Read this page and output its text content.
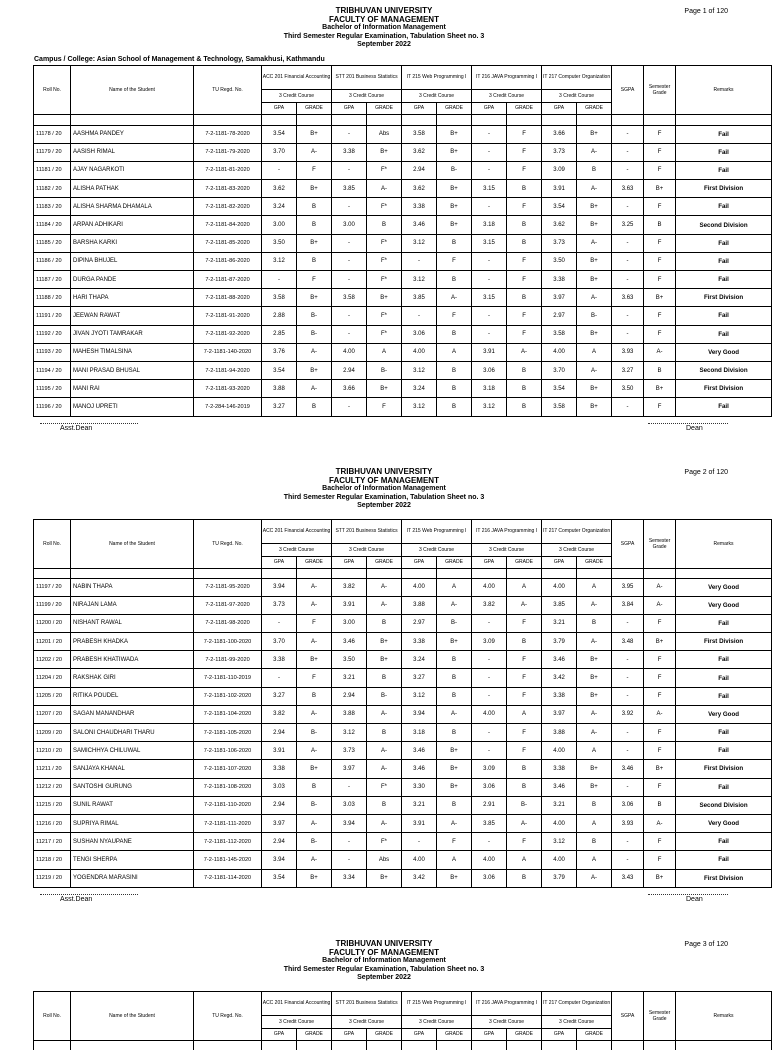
Page 1 of 120
TRIBHUVAN UNIVERSITY
FACULTY OF MANAGEMENT
Bachelor of Information Management
Third Semester Regular Examination, Tabulation Sheet no. 3
September 2022
Campus / College: Asian School of Management & Technology, Samakhusi, Kathmandu
Roll No.	Name of the Student	TU Regd. No.	ACC 201 Financial Accounting		STT 201 Business Statistics		IT 215 Web Programming I		IT 216 JAVA Programming I		IT 217 Computer Organization		SGPA	Semester Grade	Remarks
			3 Credit Course		3 Credit Course		3 Credit Course		3 Credit Course		3 Credit Course				
			GPA	GRADE	GPA	GRADE	GPA	GRADE	GPA	GRADE	GPA	GRADE			

11178 / 20	AASHMA PANDEY	7-2-1181-78-2020	3.54	B+	-	Abs	3.58	B+	-	F	3.66	B+	-	F	Fail
11179 / 20	AASISH RIMAL	7-2-1181-79-2020	3.70	A-	3.38	B+	3.62	B+	-	F	3.73	A-	-	F	Fail
11181 / 20	AJAY NAGARKOTI	7-2-1181-81-2020	-	F	-	F*	2.94	B-	-	F	3.09	B	-	F	Fail
11182 / 20	ALISHA PATHAK	7-2-1181-83-2020	3.62	B+	3.85	A-	3.62	B+	3.15	B	3.91	A-	3.63	B+	First Division
11183 / 20	ALISHA SHARMA DHAMALA	7-2-1181-82-2020	3.24	B	-	F*	3.38	B+	-	F	3.54	B+	-	F	Fail
11184 / 20	ARPAN ADHIKARI	7-2-1181-84-2020	3.00	B	3.00	B	3.46	B+	3.18	B	3.62	B+	3.25	B	Second Division
11185 / 20	BARSHA KARKI	7-2-1181-85-2020	3.50	B+	-	F*	3.12	B	3.15	B	3.73	A-	-	F	Fail
11186 / 20	DIPINA BHUJEL	7-2-1181-86-2020	3.12	B	-	F*	-	F	-	F	3.50	B+	-	F	Fail
11187 / 20	DURGA PANDE	7-2-1181-87-2020	-	F	-	F*	3.12	B	-	F	3.38	B+	-	F	Fail
11188 / 20	HARI THAPA	7-2-1181-88-2020	3.58	B+	3.58	B+	3.85	A-	3.15	B	3.97	A-	3.63	B+	First Division
11191 / 20	JEEWAN RAWAT	7-2-1181-91-2020	2.88	B-	-	F*	-	F	-	F	2.97	B-	-	F	Fail
11192 / 20	JIVAN JYOTI TAMRAKAR	7-2-1181-92-2020	2.85	B-	-	F*	3.06	B	-	F	3.58	B+	-	F	Fail
11193 / 20	MAHESH TIMALSINA	7-2-1181-140-2020	3.76	A-	4.00	A	4.00	A	3.91	A-	4.00	A	3.93	A-	Very Good
11194 / 20	MANI PRASAD BHUSAL	7-2-1181-94-2020	3.54	B+	2.94	B-	3.12	B	3.06	B	3.70	A-	3.27	B	Second Division
11195 / 20	MANI RAI	7-2-1181-93-2020	3.88	A-	3.66	B+	3.24	B	3.18	B	3.54	B+	3.50	B+	First Division
11196 / 20	MANOJ UPRETI	7-2-284-146-2019	3.27	B	-	F	3.12	B	3.12	B	3.58	B+	-	F	Fail
Asst.Dean	Dean
Page 2 of 120
TRIBHUVAN UNIVERSITY
FACULTY OF MANAGEMENT
Bachelor of Information Management
Third Semester Regular Examination, Tabulation Sheet no. 3
September 2022
Roll No.	Name of the Student	TU Regd. No.	ACC 201 Financial Accounting		STT 201 Business Statistics		IT 215 Web Programming I		IT 216 JAVA Programming I		IT 217 Computer Organization		SGPA	Semester Grade	Remarks
			3 Credit Course		3 Credit Course		3 Credit Course		3 Credit Course		3 Credit Course				
			GPA	GRADE	GPA	GRADE	GPA	GRADE	GPA	GRADE	GPA	GRADE			

11197 / 20	NABIN THAPA	7-2-1181-95-2020	3.94	A-	3.82	A-	4.00	A	4.00	A	4.00	A	3.95	A-	Very Good
11199 / 20	NIRAJAN LAMA	7-2-1181-97-2020	3.73	A-	3.91	A-	3.88	A-	3.82	A-	3.85	A-	3.84	A-	Very Good
11200 / 20	NISHANT RAWAL	7-2-1181-98-2020	-	F	3.00	B	2.97	B-	-	F	3.21	B	-	F	Fail
11201 / 20	PRABESH KHADKA	7-2-1181-100-2020	3.70	A-	3.46	B+	3.38	B+	3.09	B	3.79	A-	3.48	B+	First Division
11202 / 20	PRABESH KHATIWADA	7-2-1181-99-2020	3.38	B+	3.50	B+	3.24	B	-	F	3.46	B+	-	F	Fail
11204 / 20	RAKSHAK GIRI	7-2-1181-110-2019	-	F	3.21	B	3.27	B	-	F	3.42	B+	-	F	Fail
11205 / 20	RITIKA POUDEL	7-2-1181-102-2020	3.27	B	2.94	B-	3.12	B	-	F	3.38	B+	-	F	Fail
11207 / 20	SAGAN MANANDHAR	7-2-1181-104-2020	3.82	A-	3.88	A-	3.94	A-	4.00	A	3.97	A-	3.92	A-	Very Good
11209 / 20	SALONI CHAUDHARI THARU	7-2-1181-105-2020	2.94	B-	3.12	B	3.18	B	-	F	3.88	A-	-	F	Fail
11210 / 20	SAMICHHYA CHILUWAL	7-2-1181-106-2020	3.91	A-	3.73	A-	3.46	B+	-	F	4.00	A	-	F	Fail
11211 / 20	SANJAYA KHANAL	7-2-1181-107-2020	3.38	B+	3.97	A-	3.46	B+	3.09	B	3.38	B+	3.46	B+	First Division
11212 / 20	SANTOSHI GURUNG	7-2-1181-108-2020	3.03	B	-	F*	3.30	B+	3.06	B	3.46	B+	-	F	Fail
11215 / 20	SUNIL RAWAT	7-2-1181-110-2020	2.94	B-	3.03	B	3.21	B	2.91	B-	3.21	B	3.06	B	Second Division
11216 / 20	SUPRIYA RIMAL	7-2-1181-111-2020	3.97	A-	3.94	A-	3.91	A-	3.85	A-	4.00	A	3.93	A-	Very Good
11217 / 20	SUSHAN NYAUPANE	7-2-1181-112-2020	2.94	B-	-	F*	-	F	-	F	3.12	B	-	F	Fail
11218 / 20	TENGI SHERPA	7-2-1181-145-2020	3.94	A-	-	Abs	4.00	A	4.00	A	4.00	A	-	F	Fail
11219 / 20	YOGENDRA MARASINI	7-2-1181-114-2020	3.54	B+	3.34	B+	3.42	B+	3.06	B	3.79	A-	3.43	B+	First Division
Asst.Dean	Dean
Page 3 of 120
TRIBHUVAN UNIVERSITY
FACULTY OF MANAGEMENT
Bachelor of Information Management
Third Semester Regular Examination, Tabulation Sheet no. 3
September 2022
Roll No.	Name of the Student	TU Regd. No.	ACC 201 Financial Accounting		STT 201 Business Statistics		IT 215 Web Programming I		IT 216 JAVA Programming I		IT 217 Computer Organization		SGPA	Semester Grade	Remarks
			3 Credit Course		3 Credit Course		3 Credit Course		3 Credit Course		3 Credit Course				
			GPA	GRADE	GPA	GRADE	GPA	GRADE	GPA	GRADE	GPA	GRADE			
